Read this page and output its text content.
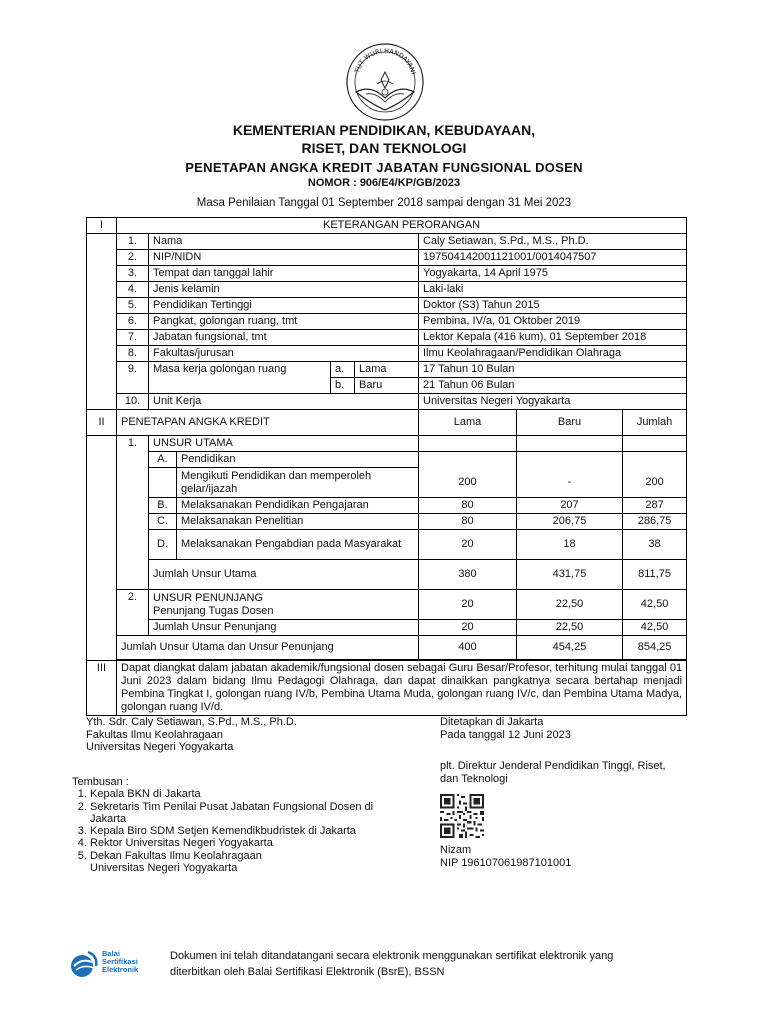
TUT WURI HANDAYANI
KEMENTERIAN PENDIDIKAN, KEBUDAYAAN,
RISET, DAN TEKNOLOGI
PENETAPAN ANGKA KREDIT JABATAN FUNGSIONAL DOSEN
NOMOR : 906/E4/KP/GB/2023
Masa Penilaian Tanggal 01 September 2018 sampai dengan 31 Mei 2023
I	KETERANGAN PERORANGAN							
	1.	Nama				Caly Setiawan, S.Pd., M.S., Ph.D.		
	2.	NIP/NIDN				197504142001121001/0014047507		
	3.	Tempat dan tanggal lahir				Yogyakarta, 14 April 1975		
	4.	Jenis kelamin				Laki-laki		
	5.	Pendidikan Tertinggi				Doktor (S3) Tahun 2015		
	6.	Pangkat, golongan ruang, tmt				Pembina, IV/a, 01 Oktober 2019		
	7.	Jabatan fungsional, tmt				Lektor Kepala (416 kum), 01 September 2018		
	8.	Fakultas/jurusan				Ilmu Keolahragaan/Pendidikan Olahraga		
	9.	Masa kerja golongan ruang		a.	Lama	17 Tahun 10 Bulan		
				b.	Baru	21 Tahun 06 Bulan		
	10.	Unit Kerja				Universitas Negeri Yogyakarta		
II	PENETAPAN ANGKA KREDIT					Lama	Baru	Jumlah
	1.	UNSUR UTAMA						
		A.	Pendidikan					
			Mengikuti Pendidikan dan memperoleh gelar/ijazah			200	-	200
		B.	Melaksanakan Pendidikan Pengajaran			80	207	287
		C.	Melaksanakan Penelitian			80	206,75	286,75
		D.	Melaksanakan Pengabdian pada Masyarakat			20	18	38
		Jumlah Unsur Utama				380	431,75	811,75
	2.	UNSUR PENUNJANG
Penunjang Tugas Dosen				20	22,50	42,50
		Jumlah Unsur Penunjang				20	22,50	42,50
	Jumlah Unsur Utama dan Unsur Penunjang					400	454,25	854,25

III	Dapat diangkat dalam jabatan akademik/fungsional dosen sebagai Guru Besar/Profesor, terhitung mulai tanggal 01 Juni 2023 dalam bidang Ilmu Pedagogi Olahraga, dan dapat dinaikkan pangkatnya secara bertahap menjadi Pembina Tingkat I, golongan ruang IV/b, Pembina Utama Muda, golongan ruang IV/c, dan Pembina Utama Madya, golongan ruang IV/d.							
Yth. Sdr. Caly Setiawan, S.Pd., M.S., Ph.D.
Fakultas Ilmu Keolahragaan
Universitas Negeri Yogyakarta
Ditetapkan di Jakarta
Pada tanggal 12 Juni 2023
plt. Direktur Jenderal Pendidikan Tinggi, Riset,
dan Teknologi
Nizam
NIP 196107061987101001
Tembusan :
1. Kepala BKN di Jakarta
2. Sekretaris Tim Penilai Pusat Jabatan Fungsional Dosen di Jakarta
3. Kepala Biro SDM Setjen Kemendikbudristek di Jakarta
4. Rektor Universitas Negeri Yogyakarta
5. Dekan Fakultas Ilmu Keolahragaan Universitas Negeri Yogyakarta
Balai
Sertifikasi
Elektronik
Dokumen ini telah ditandatangani secara elektronik menggunakan sertifikat elektronik yang
diterbitkan oleh Balai Sertifikasi Elektronik (BsrE), BSSN
